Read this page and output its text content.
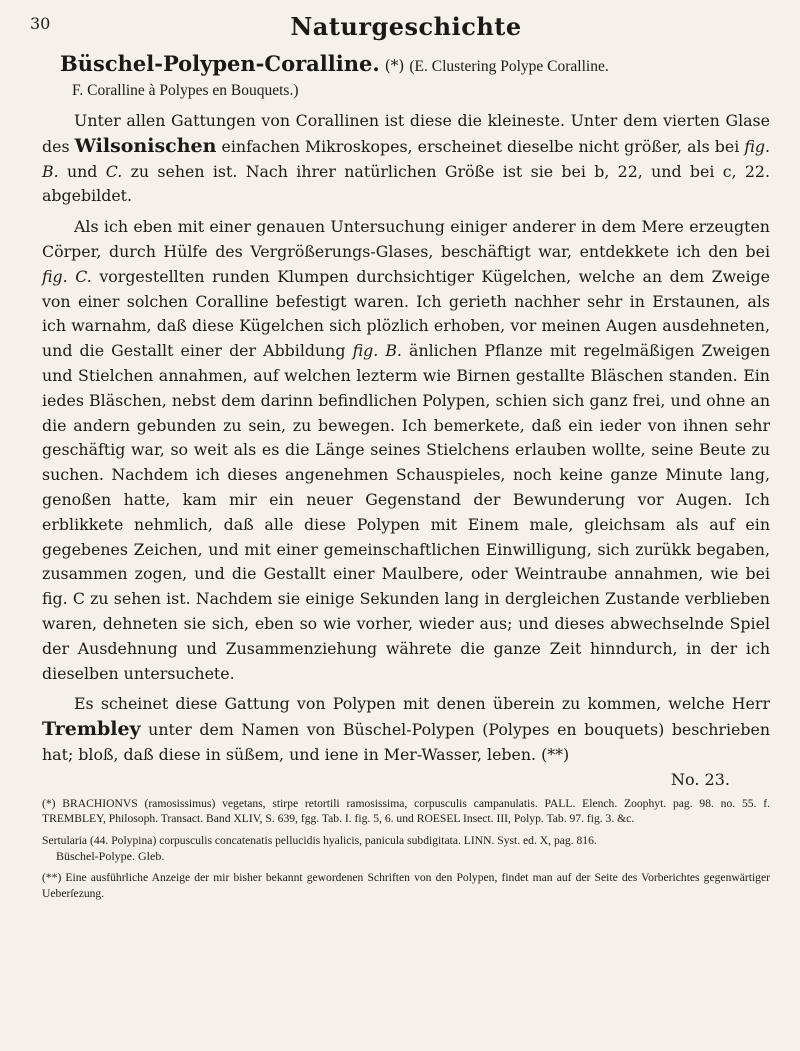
30	Naturgeschichte
Büschel-Polypen-Coralline. (*) (E. Clustering Polype Coralline.
F. Coralline à Polypes en Bouquets.)

Unter allen Gattungen von Corallinen ist diese die kleineste. Unter dem vierten Glase des Wilsonischen einfachen Mikroskopes, erscheinet dieselbe nicht größer, als bei fig. B. und C. zu sehen ist. Nach ihrer natürlichen Größe ist sie bei b, 22, und bei c, 22. abgebildet.

Als ich eben mit einer genauen Untersuchung einiger anderer in dem Mere erzeugten Cörper, durch Hülfe des Vergrößerungs-Glases, beschäftigt war, entdekkete ich den bei fig. C. vorgestellten runden Klumpen durchsichtiger Kügelchen, welche an dem Zweige von einer solchen Coralline befestigt waren. Ich gerieth nachher sehr in Erstaunen, als ich warnahm, daß diese Kügelchen sich plözlich erhoben, vor meinen Augen ausdehneten, und die Gestallt einer der Abbildung fig. B. änlichen Pflanze mit regelmäßigen Zweigen und Stielchen annahmen, auf welchen lezterm wie Birnen gestallte Bläschen standen. Ein iedes Bläschen, nebst dem darinn befindlichen Polypen, schien sich ganz frei, und ohne an die andern gebunden zu sein, zu bewegen. Ich bemerkete, daß ein ieder von ihnen sehr geschäftig war, so weit als es die Länge seines Stielchens erlauben wollte, seine Beute zu suchen. Nachdem ich dieses angenehmen Schauspieles, noch keine ganze Minute lang, genoßen hatte, kam mir ein neuer Gegenstand der Bewunderung vor Augen. Ich erblikkete nehmlich, daß alle diese Polypen mit Einem male, gleichsam als auf ein gegebenes Zeichen, und mit einer gemeinschaftlichen Einwilligung, sich zurükk begaben, zusammen zogen, und die Gestallt einer Maulbere, oder Weintraube annahmen, wie bei fig. C zu sehen ist. Nachdem sie einige Sekunden lang in dergleichen Zustande verblieben waren, dehneten sie sich, eben so wie vorher, wieder aus; und dieses abwechselnde Spiel der Ausdehnung und Zusammenziehung währete die ganze Zeit hinndurch, in der ich dieselben untersuchete.

Es scheinet diese Gattung von Polypen mit denen überein zu kommen, welche Herr Tremblеy unter dem Namen von Büschel-Polypen (Polypes en bouquets) beschrieben hat; bloß, daß diese in süßem, und iene in Mer-Wasser, leben. (**)

No. 23.

(*) BRACHIONVS (ramosissimus) vegetans, stirpe retortili ramosissima, corpusculis campanulatis. PALL. Elench. Zoophyt. pag. 98. no. 55. f. TREMBLEY, Philosoph. Transact. Band XLIV, S. 639, fgg. Tab. I. fig. 5, 6. und ROESEL Insect. III, Polyp. Tab. 97. fig. 3. &c.

Sertularia (44. Polypina) corpusculis concatenatis pellucidis hyalicis, panicula subdigitata. LINN. Syst. ed. X, pag. 816.

Büschel-Polype. Gleb.

(**) Eine ausführliche Anzeige der mir bisher bekannt gewordenen Schriften von den Polypen, findet man auf der Seite des Vorberichtes gegenwärtiger Ueberſezung.
